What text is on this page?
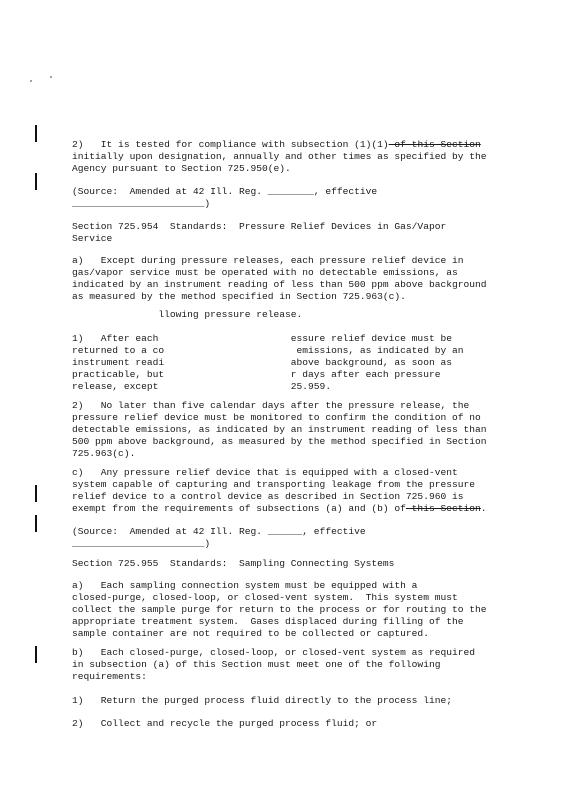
2)   It is tested for compliance with subsection (1)(1) of this Section
initially upon designation, annually and other times as specified by the
Agency pursuant to Section 725.950(e).

(Source:  Amended at 42 Ill. Reg. ________, effective
_______________________)

Section 725.954  Standards:  Pressure Relief Devices in Gas/Vapor
Service

a)   Except during pressure releases, each pressure relief device in
gas/vapor service must be operated with no detectable emissions, as
indicated by an instrument reading of less than 500 ppm above background
as measured by the method specified in Section 725.963(c).

llowing pressure release.

1)   After each                       essure relief device must be
returned to a co                       emissions, as indicated by an
instrument readi                      above background, as soon as
practicable, but                      r days after each pressure
release, except                       25.959.

2)   No later than five calendar days after the pressure release, the
pressure relief device must be monitored to confirm the condition of no
detectable emissions, as indicated by an instrument reading of less than
500 ppm above background, as measured by the method specified in Section
725.963(c).

c)   Any pressure relief device that is equipped with a closed-vent
system capable of capturing and transporting leakage from the pressure
relief device to a control device as described in Section 725.960 is
exempt from the requirements of subsections (a) and (b) of this Section.

(Source:  Amended at 42 Ill. Reg. ______, effective
_______________________)

Section 725.955  Standards:  Sampling Connecting Systems

a)   Each sampling connection system must be equipped with a
closed-purge, closed-loop, or closed-vent system.  This system must
collect the sample purge for return to the process or for routing to the
appropriate treatment system.  Gases displaced during filling of the
sample container are not required to be collected or captured.

b)   Each closed-purge, closed-loop, or closed-vent system as required
in subsection (a) of this Section must meet one of the following
requirements:

1)   Return the purged process fluid directly to the process line;

2)   Collect and recycle the purged process fluid; or
